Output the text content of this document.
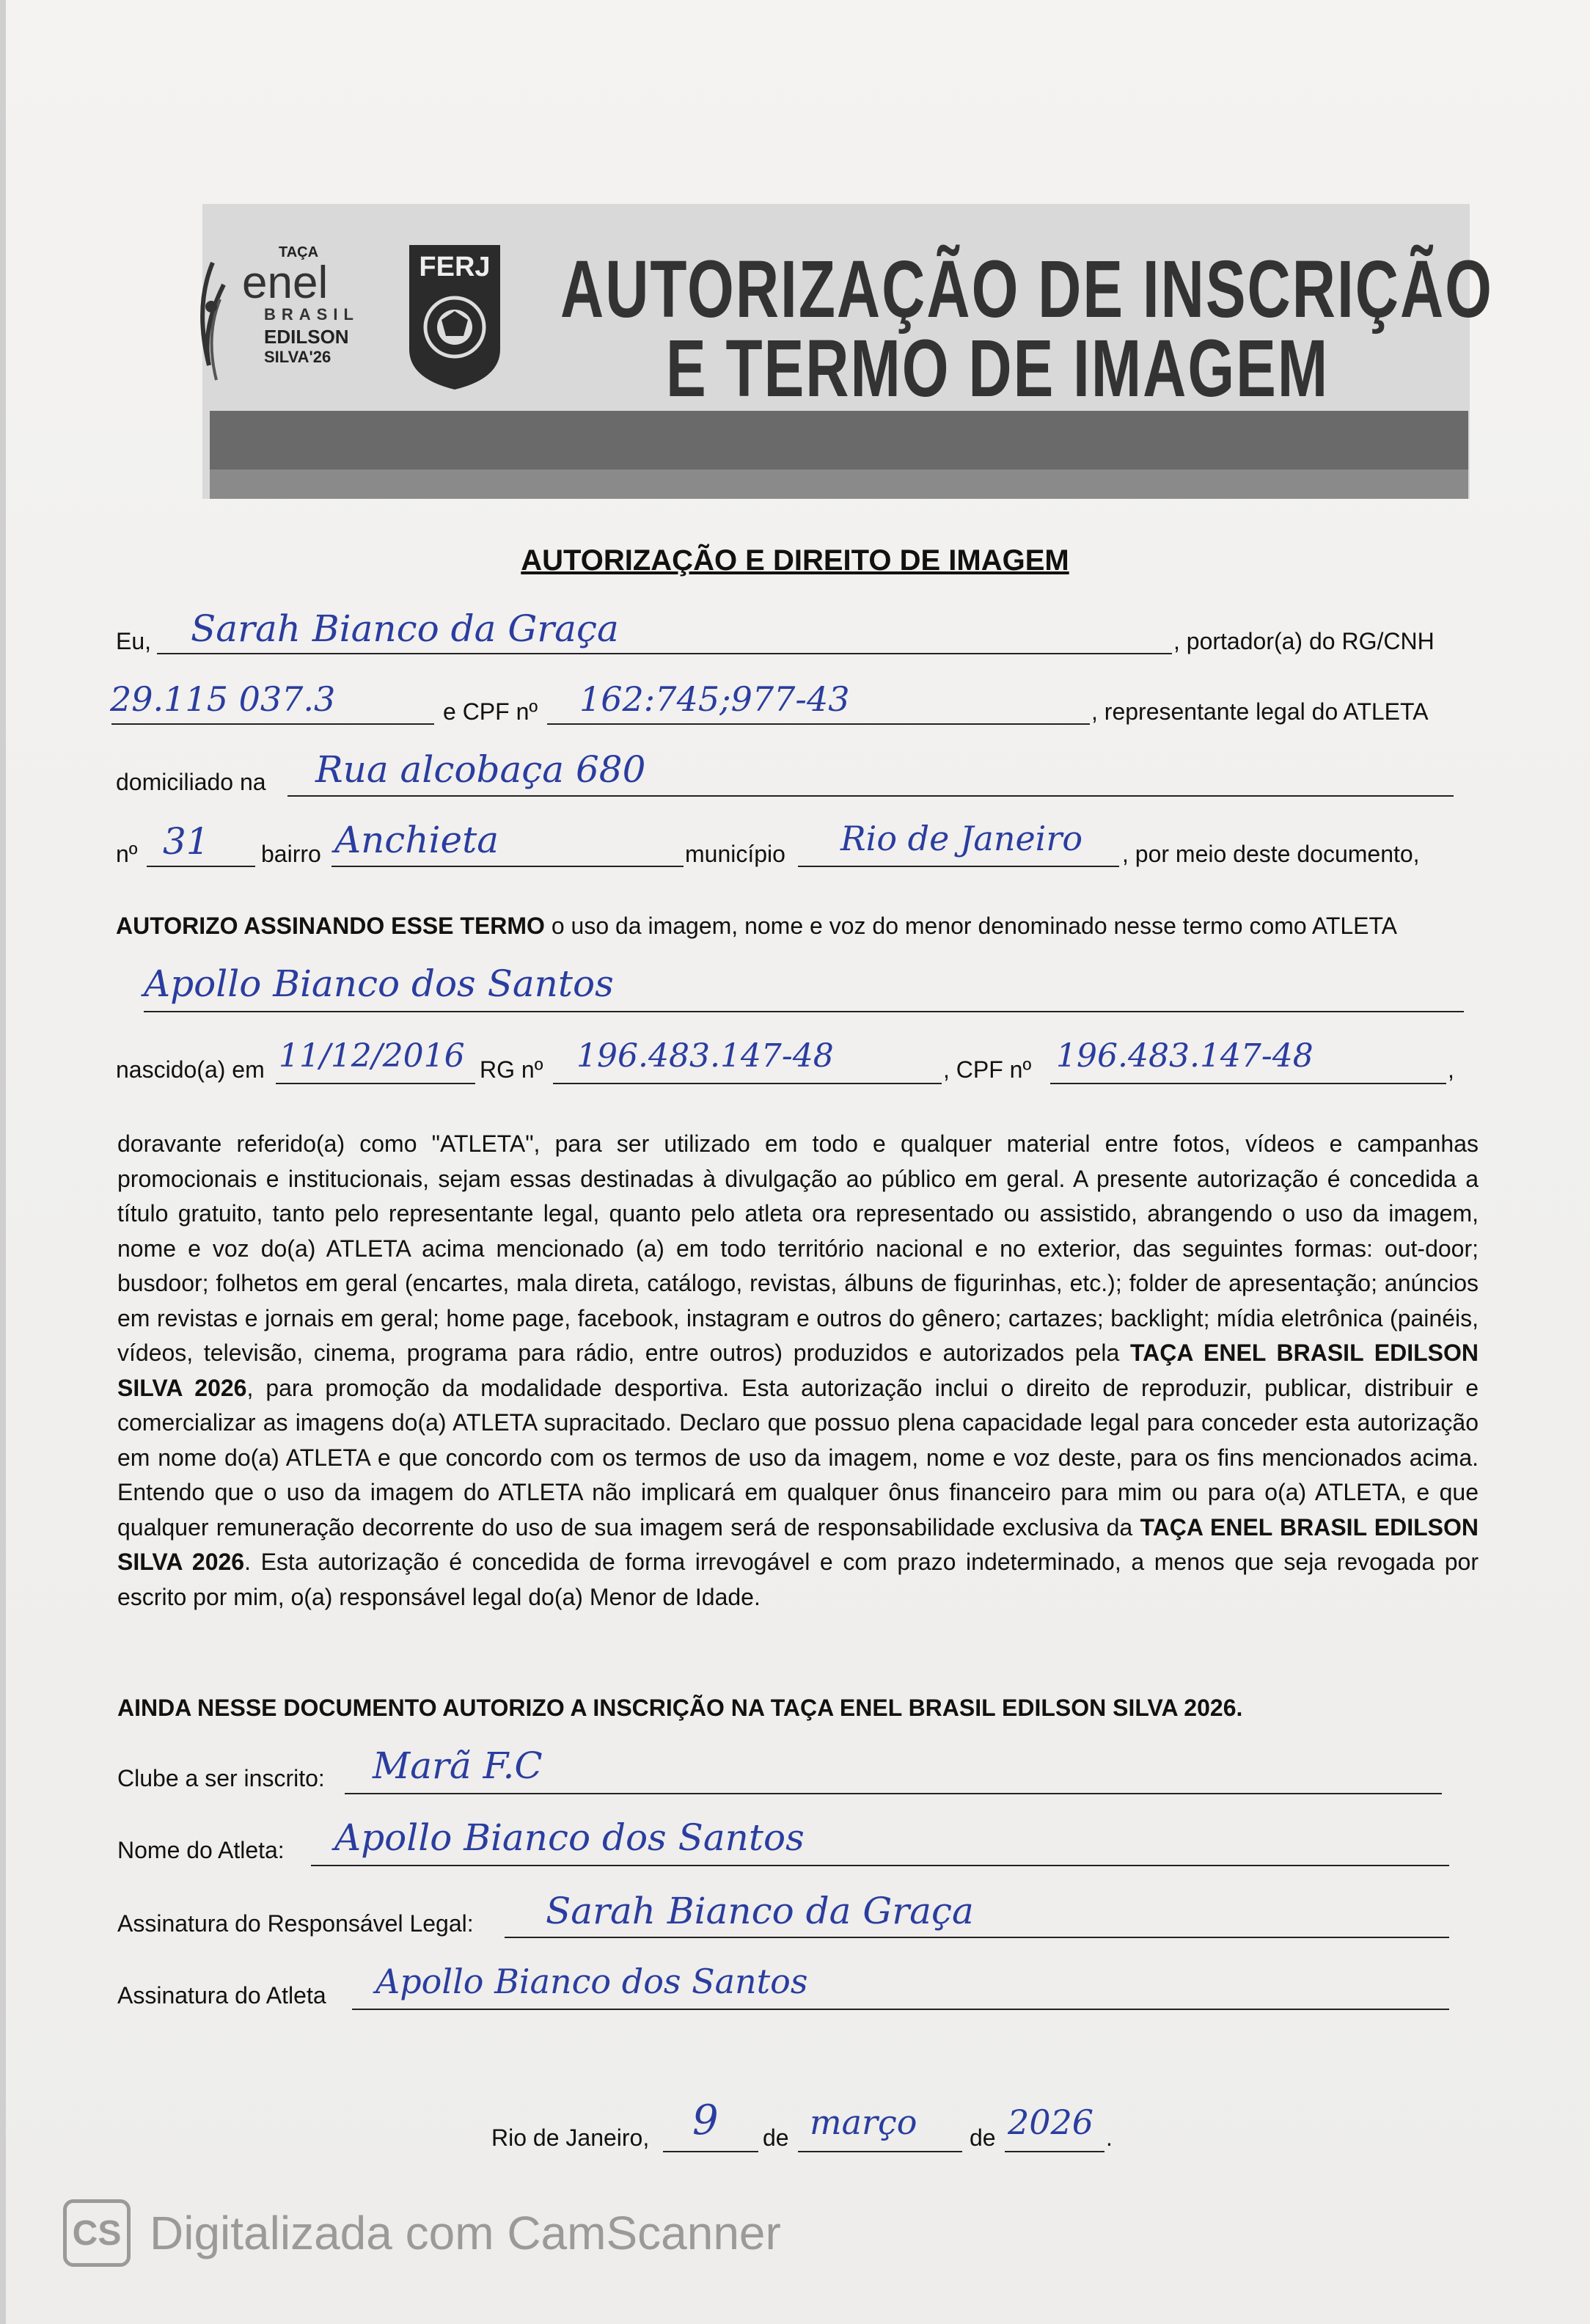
TAÇA
enel
BRASIL
EDILSON
SILVA'26
FERJ AUTORIZAÇÃO DE INSCRIÇÃO
E TERMO DE IMAGEM
AUTORIZAÇÃO E DIREITO DE IMAGEM
Eu, Sarah Bianco da Graça	, portador(a) do RG/CNH
29.115 037.3	e CPF nº 162:745;977-43	, representante legal do ATLETA
domiciliado na Rua alcobaça 680
nº 31 bairro Anchieta	município Rio de Janeiro , por meio deste documento,
AUTORIZO ASSINANDO ESSE TERMO o uso da imagem, nome e voz do menor denominado nesse termo como ATLETA
Apollo Bianco dos Santos
nascido(a) em 11/12/2016 RG nº 196.483.147-48	, CPF nº 196.483.147-48	,
doravante referido(a) como "ATLETA", para ser utilizado em todo e qualquer material entre fotos, vídeos e campanhas promocionais e institucionais, sejam essas destinadas à divulgação ao público em geral. A presente autorização é concedida a título gratuito, tanto pelo representante legal, quanto pelo atleta ora representado ou assistido, abrangendo o uso da imagem, nome e voz do(a) ATLETA acima mencionado (a) em todo território nacional e no exterior, das seguintes formas: out-door; busdoor; folhetos em geral (encartes, mala direta, catálogo, revistas, álbuns de figurinhas, etc.); folder de apresentação; anúncios em revistas e jornais em geral; home page, facebook, instagram e outros do gênero; cartazes; backlight; mídia eletrônica (painéis, vídeos, televisão, cinema, programa para rádio, entre outros) produzidos e autorizados pela TAÇA ENEL BRASIL EDILSON SILVA 2026, para promoção da modalidade desportiva. Esta autorização inclui o direito de reproduzir, publicar, distribuir e comercializar as imagens do(a) ATLETA supracitado. Declaro que possuo plena capacidade legal para conceder esta autorização em nome do(a) ATLETA e que concordo com os termos de uso da imagem, nome e voz deste, para os fins mencionados acima. Entendo que o uso da imagem do ATLETA não implicará em qualquer ônus financeiro para mim ou para o(a) ATLETA, e que qualquer remuneração decorrente do uso de sua imagem será de responsabilidade exclusiva da TAÇA ENEL BRASIL EDILSON SILVA 2026. Esta autorização é concedida de forma irrevogável e com prazo indeterminado, a menos que seja revogada por escrito por mim, o(a) responsável legal do(a) Menor de Idade.
AINDA NESSE DOCUMENTO AUTORIZO A INSCRIÇÃO NA TAÇA ENEL BRASIL EDILSON SILVA 2026.
Clube a ser inscrito: Marã F.C
Nome do Atleta: Apollo Bianco dos Santos
Assinatura do Responsável Legal: Sarah Bianco da Graça
Assinatura do Atleta Apollo Bianco dos Santos
Rio de Janeiro, 9 de março de 2026 .
CS Digitalizada com CamScanner
